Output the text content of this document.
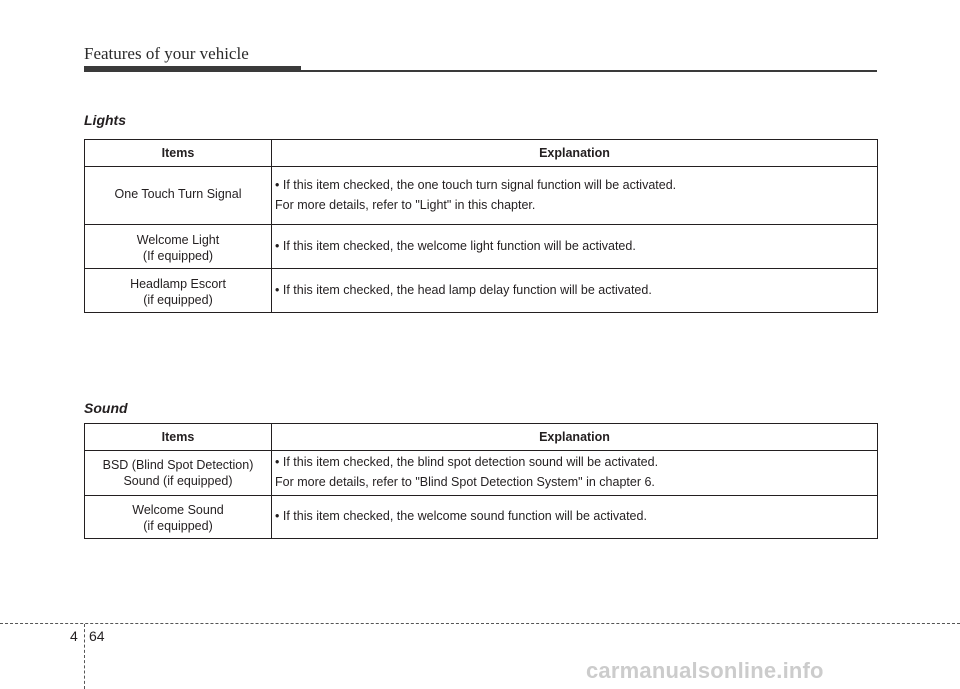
Features of your vehicle
Lights
Items	Explanation

One Touch Turn Signal	• If this item checked, the one touch turn signal function will be activated.
For more details, refer to "Light" in this chapter.

Welcome Light
(If equipped)	• If this item checked, the welcome light function will be activated.

Headlamp Escort
(if equipped)	• If this item checked, the head lamp delay function will be activated.
Sound
Items	Explanation

BSD (Blind Spot Detection)
Sound (if equipped)	• If this item checked, the blind spot detection sound will be activated.
For more details, refer to "Blind Spot Detection System" in chapter 6.

Welcome Sound
(if equipped)	• If this item checked, the welcome sound function will be activated.
4 64
carmanualsonline.info
